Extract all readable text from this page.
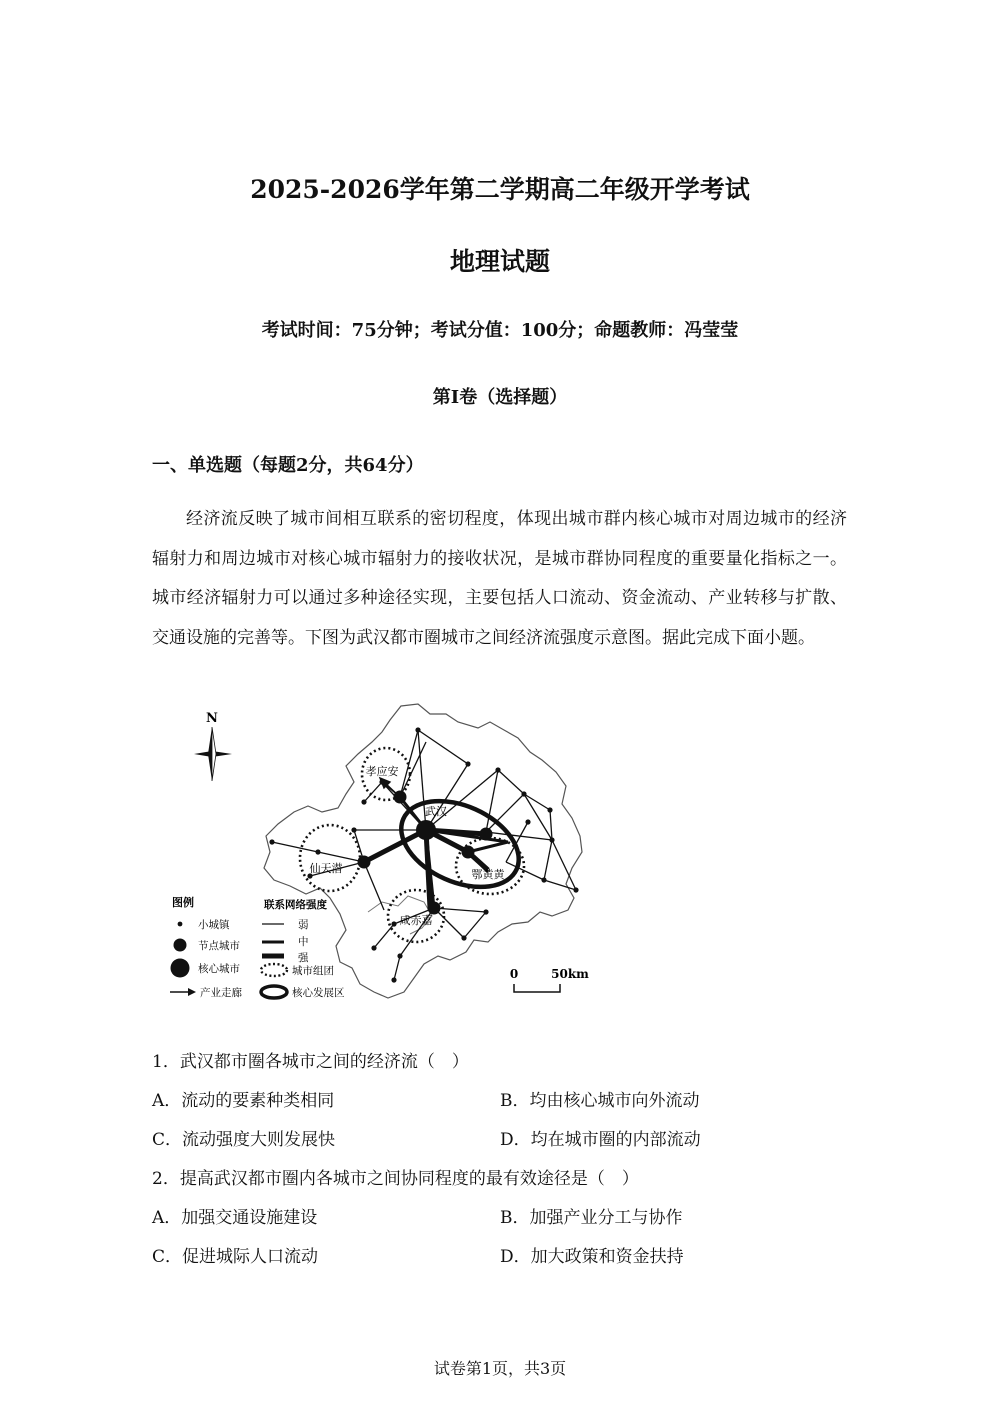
2025-2026学年第二学期高二年级开学考试
地理试题
考试时间：75分钟；考试分值：100分；命题教师：冯莹莹
第I卷（选择题）
一、单选题（每题2分，共64分）
经济流反映了城市间相互联系的密切程度，体现出城市群内核心城市对周边城市的经济辐射力和周边城市对核心城市辐射力的接收状况，是城市群协同程度的重要量化指标之一。城市经济辐射力可以通过多种途径实现，主要包括人口流动、资金流动、产业转移与扩散、交通设施的完善等。下图为武汉都市圈城市之间经济流强度示意图。据此完成下面小题。
N
孝应安
武汉
仙天潜	鄂黄黄
咸赤嘉
图例	联系网络强度
小城镇	弱
节点城市	中
强
核心城市	城市组团
产业走廊	核心发展区
0	50km
1．武汉都市圈各城市之间的经济流（　）
A．流动的要素种类相同	B．均由核心城市向外流动
C．流动强度大则发展快	D．均在城市圈的内部流动
2．提高武汉都市圈内各城市之间协同程度的最有效途径是（　）
A．加强交通设施建设	B．加强产业分工与协作
C．促进城际人口流动	D．加大政策和资金扶持
试卷第1页，共3页
